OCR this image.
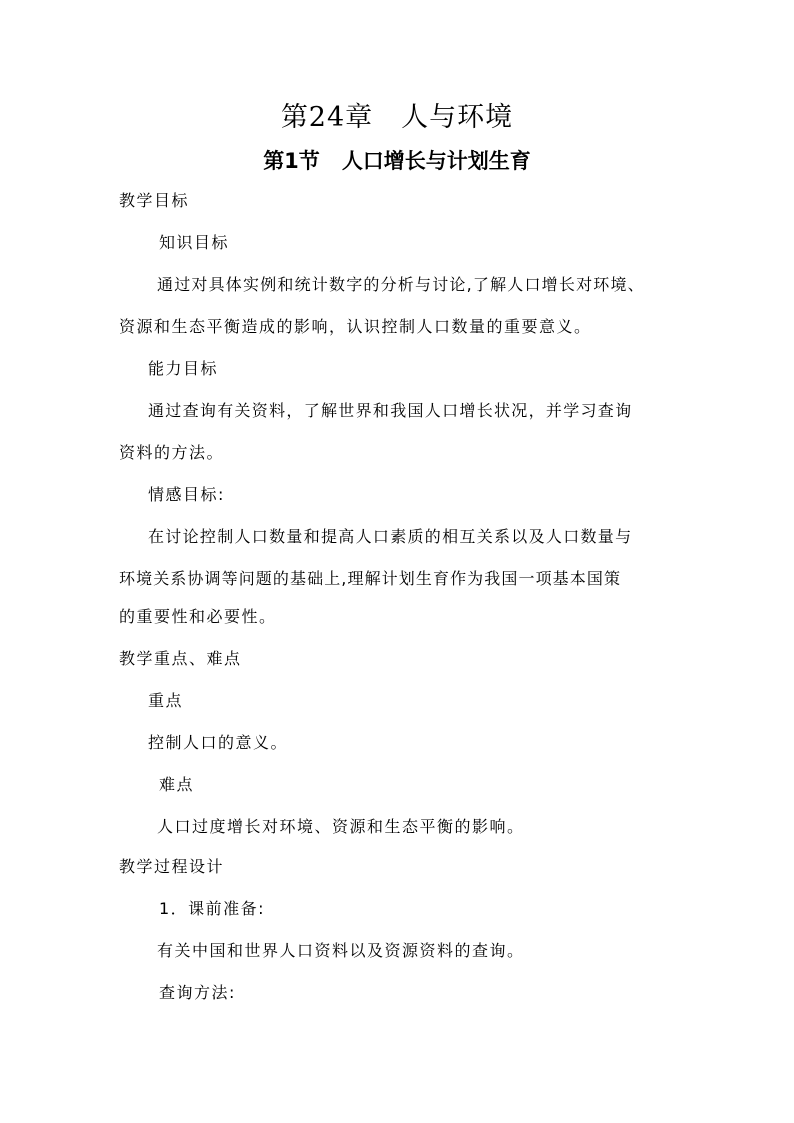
第24章 人与环境
第1节 人口增长与计划生育
教学目标
知识目标
通过对具体实例和统计数字的分析与讨论,了解人口增长对环境、
资源和生态平衡造成的影响，认识控制人口数量的重要意义。
能力目标
通过查询有关资料，了解世界和我国人口增长状况，并学习查询
资料的方法。
情感目标:
在讨论控制人口数量和提高人口素质的相互关系以及人口数量与
环境关系协调等问题的基础上,理解计划生育作为我国一项基本国策
的重要性和必要性。
教学重点、难点
重点
控制人口的意义。
难点
人口过度增长对环境、资源和生态平衡的影响。
教学过程设计
1．课前准备:
有关中国和世界人口资料以及资源资料的查询。
查询方法:
